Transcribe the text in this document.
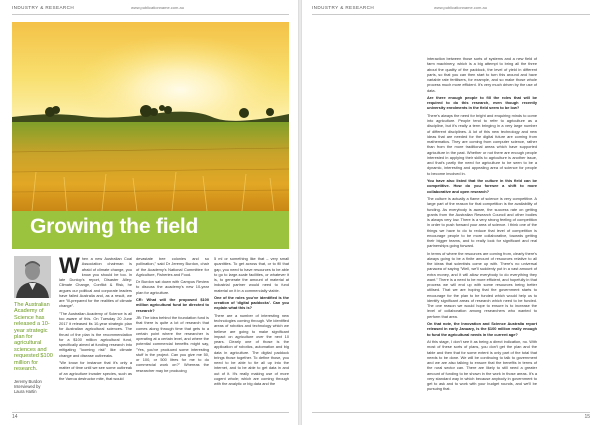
INDUSTRY & RESEARCH	www.publicationname.com.au
Growing the field
The Australian Academy of Science has released a 10-year strategic plan for agricultural sciences and requested $100 million for research.
Jeremy Burdon
Interviewed by
Laura Hartin

When a new Australian Coal Association chairman is afraid of climate change, you know you should be too. In late Dunlop's report, Disaster Alley: Climate Change, Conflict & Risk, he argues our political and corporate leaders have failed Australia and, as a result, we are "ill-prepared for the realities of climate change".

"The Australian Academy of Science is all too aware of this. On Tuesday 20 June 2017 it released its 10-year strategic plan for Australian agricultural sciences. The thrust of the plan is the recommendation for a $100 million agricultural fund, specifically aimed at funding research into mitigating "looming risk" like climate change and disease outbreaks.

"We know for instance that it's only a matter of time until we see some outbreak of an agriculture invader species, such as the Varroa destructor mite, that would

devastate bee colonies and so pollination," said Dr Jeremy Burdon, chair of the Academy's National Committee for Agriculture, Fisheries and Food.

Dr Burdon sat down with Campus Review to discuss the academy's new 10-year plan for agriculture.

CR: What will the proposed $100 million agricultural fund be directed to research?

JB: The idea behind the foundation fund is that there is quite a lot of research that comes along through time that gets to a certain point where the researcher is operating at a certain level, and where the potential commercial benefits might say, "Yes, you've produced some interesting stuff in the project. Can you give me 50, or 100, or 500 litres for me to do commercial work on?" Whereas the researcher may be producing

5 ml or something like that – very small quantities. To get across that, or to fill that gap, you need to have resources to be able to go to large-scale facilities, or whatever it is, to generate the amount of material at industrial partner would need to fund material on it in a commercially viable.

One of the roles you've identified is the creation of 'digital paddocks'. Can you explain what this is?

There are a number of interesting new technologies coming through. We identified areas of robotics and technology which we believe are going to make significant impact on agriculture over the next 10 years. Clearly one of those is the application of robotics, automation and big data in agriculture. The digital paddock brings those together. To define those, you need to be able to tie all up into the internet, and to be able to get data in and out of it. It's really making use of more cogent whole; which are coming through with the analytic or big data and the

14
INDUSTRY & RESEARCH	www.publicationname.com.au

interaction between those sorts of systems and a new field of farm machinery, which is a big attempt to bring all the three about the quality of the paddock, the level of yield in different parts, so that you can then start to turn this around and have variable rate fertilisers, for example, and so make those whole process much more efficient. It's very much driven by the use of data.

Are there enough people to fill the roles that will be required to do this research, even though recently university enrolments in the field seem to be low?

There's always the need for bright and enquiring minds to come into agriculture. People tend to refer to agriculture as a discipline, but it's really a term bringing in a very large number of different disciplines. A lot of this new technology and new ideas that are needed for the digital future are coming from mathematics. They are coming from computer science, rather than from the more traditional areas which have supported agriculture in the past. Whether or not there are enough people interested in applying their skills to agriculture is another issue, and that's partly the need for agriculture to be seen to be a dynamic, interesting and appealing area of science for people to become involved in.

You have also listed that the culture in this field can be competitive. How do you foresee a shift to more collaborative and open research?

The culture is actually a flame of science is very competitive. A large part of the reason for that competition is the availability of funding. As everybody is aware, the success rate on getting grants from the Australian Research Council and other bodies is always very low. There is a very strong feeling of competition in order to push forward your area of science. I think one of the things we have to do to reduce that level of competition is encourage people to be more collaborative, towards getting their bigger teams, and to really look for significant and real partnerships going forward.

In terms of where the resources are coming from, clearly there's always going to be a finite amount of resources relative to all the ideas that scientists come up with. There's no universal panacea of saying "Well, we'll suddenly put in a vast amount of extra money, and it will allow everybody to do everything they want." There is a need to be more efficient, and hopefully in that process we will end up with some resources being better utilised. That we are hoping that the government starts to encourage for the plan to be funded which would help us to identify significant areas of research which need to be funded. The one reason we would hope to ensure is to increase the level of collaboration among researchers who wanted to perform that area.

On that note, the Innovation and Science Australia report released in early January, is the $100 million really enough to fund the agricultural needs in the current age?

At this stage, I don't see it as being a direct indication, no. With most of these sorts of plans, you don't get the plan and the table and then that for some extent is only part of the total that needs to be done. We will be continuing to talk to government and we are also talking to ensure that the benefits in terms of the rural sector can. There are likely to still need a greater amount of funding to be shown in the work in those areas. It's a very standard way in which because anybody in government to get to ask and to work with your budget rounds, and we'll be pursuing that.

15
